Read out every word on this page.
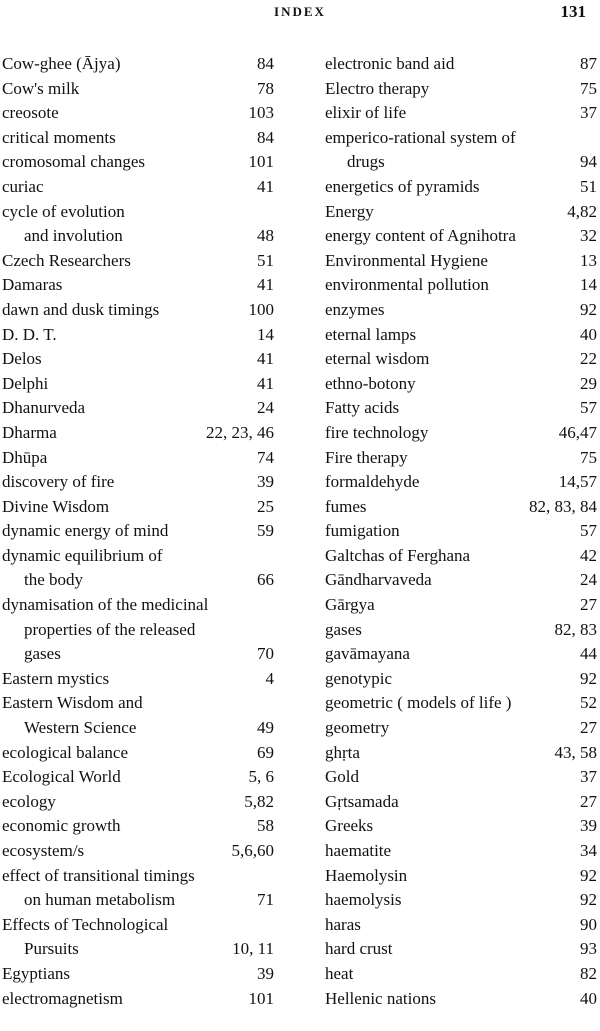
INDEX	131
Cow-ghee (Ājya)	84
Cow's milk	78
creosote	103
critical moments	84
cromosomal changes	101
curiac	41
cycle of evolution
and involution	48
Czech Researchers	51
Damaras	41
dawn and dusk timings	100
D. D. T.	14
Delos	41
Delphi	41
Dhanurveda	24
Dharma	22, 23, 46
Dhūpa	74
discovery of fire	39
Divine Wisdom	25
dynamic energy of mind	59
dynamic equilibrium of
the body	66
dynamisation of the medicinal
properties of the released
gases	70
Eastern mystics	4
Eastern Wisdom and
Western Science	49
ecological balance	69
Ecological World	5, 6
ecology	5,82
economic growth	58
ecosystem/s	5,6,60
effect of transitional timings
on human metabolism	71
Effects of Technological
Pursuits	10, 11
Egyptians	39
electromagnetism	101
electronic band aid	87
Electro therapy	75
elixir of life	37
emperico-rational system of
drugs	94
energetics of pyramids	51
Energy	4,82
energy content of Agnihotra	32
Environmental Hygiene	13
environmental pollution	14
enzymes	92
eternal lamps	40
eternal wisdom	22
ethno-botony	29
Fatty acids	57
fire technology	46,47
Fire therapy	75
formaldehyde	14,57
fumes	82, 83, 84
fumigation	57
Galtchas of Ferghana	42
Gāndharvaveda	24
Gārgya	27
gases	82, 83
gavāmayana	44
genotypic	92
geometric ( models of life )	52
geometry	27
ghṛta	43, 58
Gold	37
Gṛtsamada	27
Greeks	39
haematite	34
Haemolysin	92
haemolysis	92
haras	90
hard crust	93
heat	82
Hellenic nations	40
